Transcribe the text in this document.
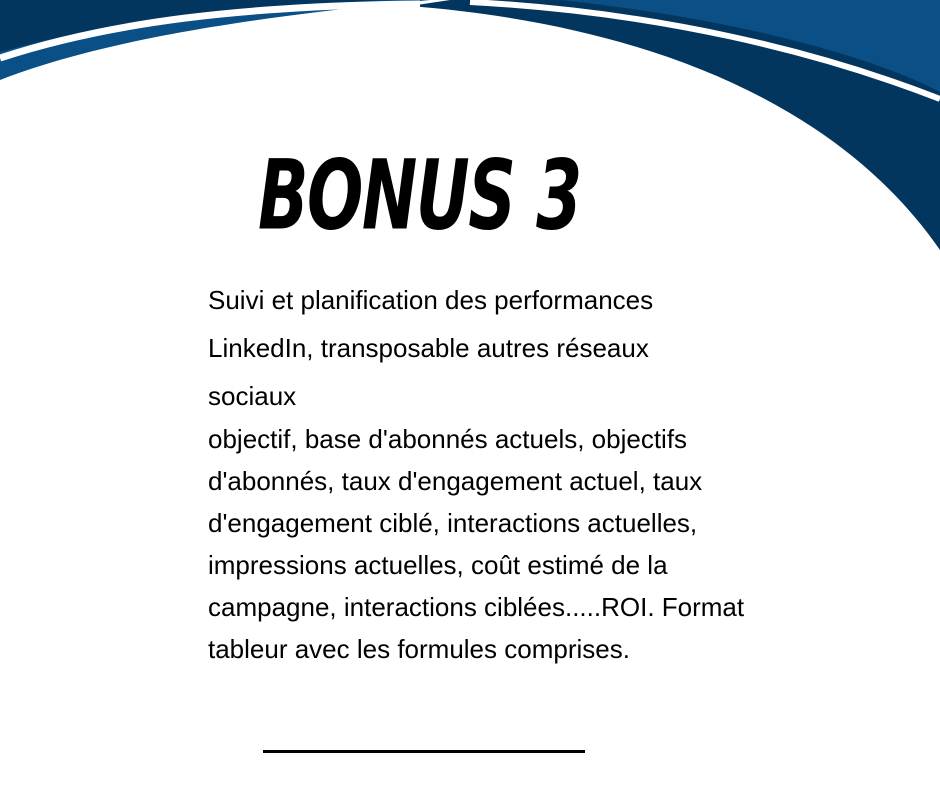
BONUS 3

Suivi et planification des performances LinkedIn, transposable autres réseaux sociaux

objectif, base d'abonnés actuels, objectifs d'abonnés, taux d'engagement actuel, taux d'engagement ciblé, interactions actuelles, impressions actuelles, coût estimé de la campagne, interactions ciblées.....ROI. Format tableur avec les formules comprises.
